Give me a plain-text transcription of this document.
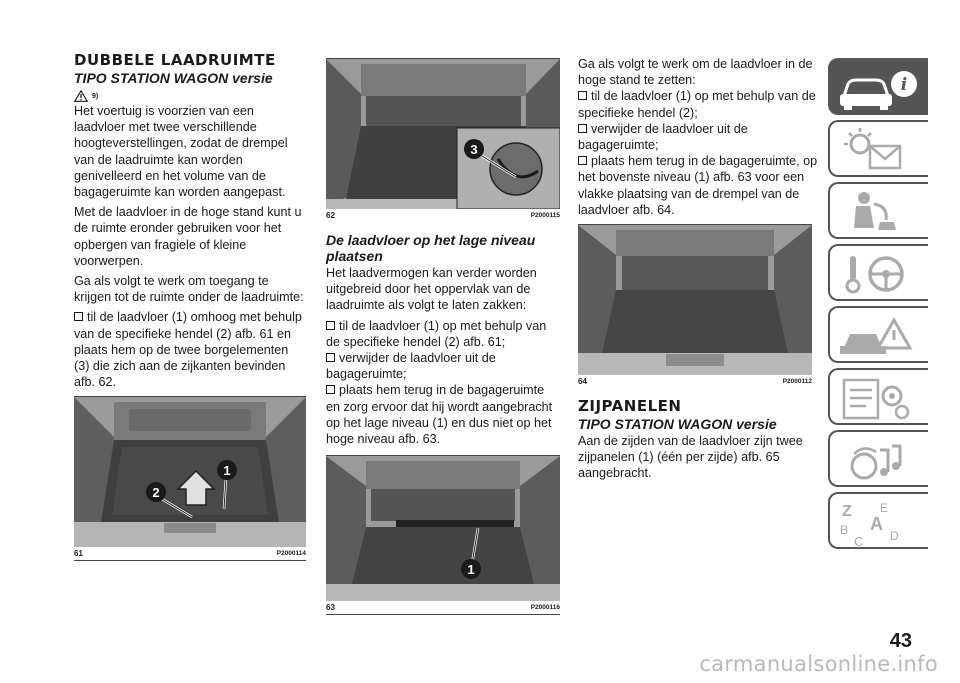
DUBBELE LAADRUIMTE
TIPO STATION WAGON versie
9)

Het voertuig is voorzien van een laadvloer met twee verschillende hoogteverstellingen, zodat de drempel van de laadruimte kan worden genivelleerd en het volume van de bagageruimte kan worden aangepast.

Met de laadvloer in de hoge stand kunt u de ruimte eronder gebruiken voor het opbergen van fragiele of kleine voorwerpen.

Ga als volgt te werk om toegang te krijgen tot de ruimte onder de laadruimte:

til de laadvloer (1) omhoog met behulp van de specifieke hendel (2) afb. 61 en plaats hem op de twee borgelementen (3) die zich aan de zijkanten bevinden afb. 62.

2
1
61	P2000114
3
62	P2000115
De laadvloer op het lage niveau plaatsen

Het laadvermogen kan verder worden uitgebreid door het oppervlak van de laadruimte als volgt te laten zakken:

til de laadvloer (1) op met behulp van de specifieke hendel (2) afb. 61;

verwijder de laadvloer uit de bagageruimte;

plaats hem terug in de bagageruimte en zorg ervoor dat hij wordt aangebracht op het lage niveau (1) en dus niet op het hoge niveau afb. 63.

1
63	P2000116

Ga als volgt te werk om de laadvloer in de hoge stand te zetten:

til de laadvloer (1) op met behulp van de specifieke hendel (2);

verwijder de laadvloer uit de bagageruimte;

plaats hem terug in de bagageruimte, op het bovenste niveau (1) afb. 63 voor een vlakke plaatsing van de drempel van de laadvloer afb. 64.

64	P2000112
ZIJPANELEN
TIPO STATION WAGON versie

Aan de zijden van de laadvloer zijn twee zijpanelen (1) (één per zijde) afb. 65 aangebracht.

i
Z E
A
B
C D
43
carmanualsonline.info
